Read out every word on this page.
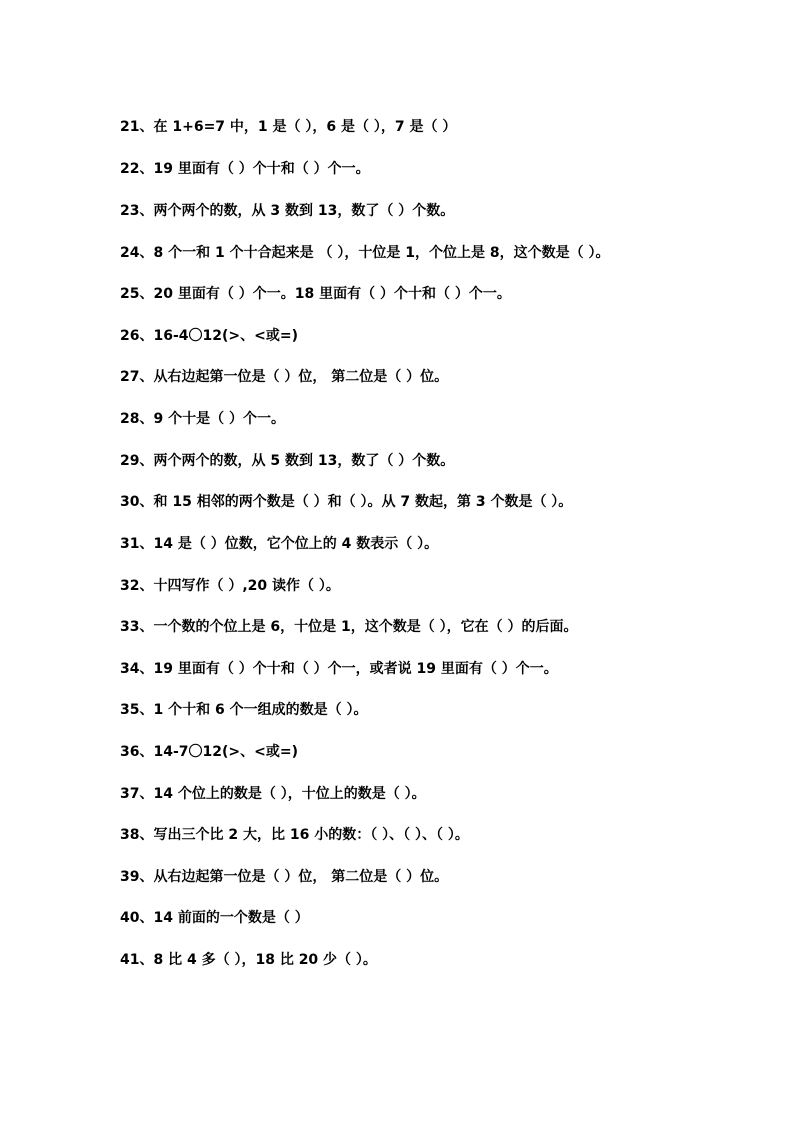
21、在 1+6=7 中，1 是（ ），6 是（ ），7 是（ ）
22、19 里面有（ ）个十和（ ）个一。
23、两个两个的数，从 3 数到 13，数了（ ）个数。
24、8 个一和 1 个十合起来是 （ ），十位是 1，个位上是 8，这个数是（ ）。
25、20 里面有（ ）个一。18 里面有（ ）个十和（ ）个一。
26、16-4〇12(>、<或=)
27、从右边起第一位是（ ）位， 第二位是（ ）位。
28、9 个十是（ ）个一。
29、两个两个的数，从 5 数到 13，数了（ ）个数。
30、和 15 相邻的两个数是（ ）和（ ）。从 7 数起，第 3 个数是（ ）。
31、14 是（ ）位数，它个位上的 4 数表示（ ）。
32、十四写作（ ）,20 读作（ ）。
33、一个数的个位上是 6，十位是 1，这个数是（ ），它在（ ）的后面。
34、19 里面有（ ）个十和（ ）个一，或者说 19 里面有（ ）个一。
35、1 个十和 6 个一组成的数是（ ）。
36、14-7〇12(>、<或=)
37、14 个位上的数是（ ），十位上的数是（ ）。
38、写出三个比 2 大，比 16 小的数：（ ）、（ ）、（ ）。
39、从右边起第一位是（ ）位， 第二位是（ ）位。
40、14 前面的一个数是（ ）
41、8 比 4 多（ ），18 比 20 少（ ）。
